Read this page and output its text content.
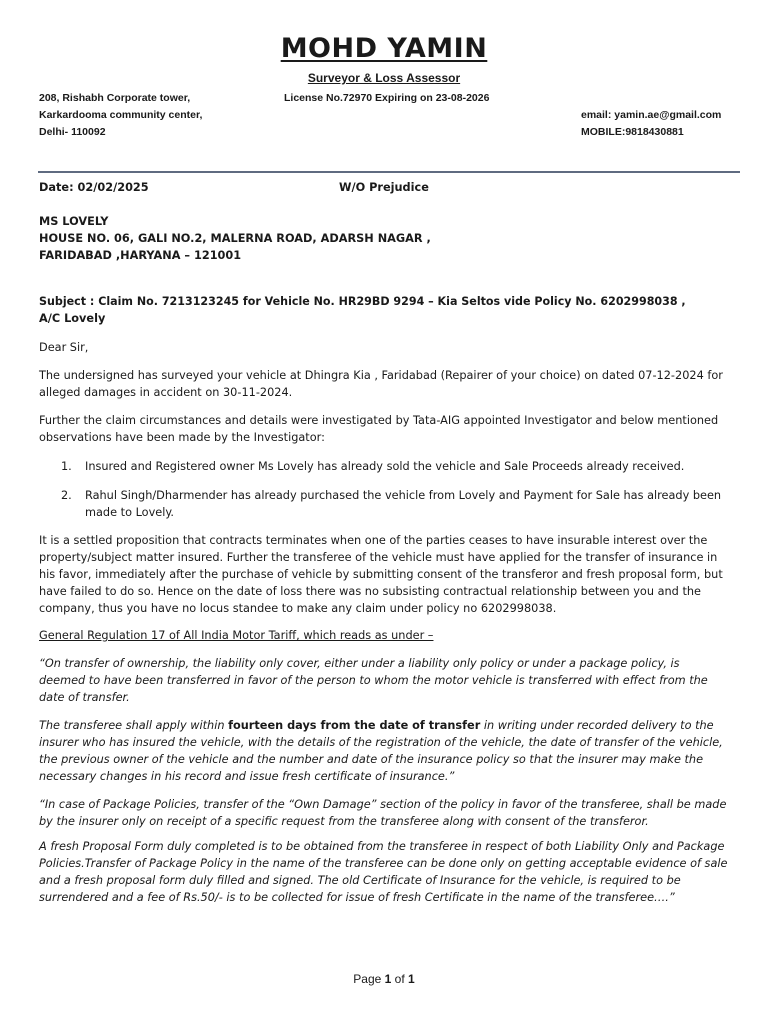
MOHD YAMIN
Surveyor & Loss Assessor
208, Rishabh Corporate tower,
Karkardooma community center,
Delhi- 110092
License No.72970 Expiring on 23-08-2026
email: yamin.ae@gmail.com
MOBILE:9818430881
Date: 02/02/2025	W/O Prejudice
MS LOVELY
HOUSE NO. 06, GALI NO.2, MALERNA ROAD, ADARSH NAGAR ,
FARIDABAD ,HARYANA – 121001
Subject : Claim No. 7213123245 for Vehicle No. HR29BD 9294 – Kia Seltos vide Policy No. 6202998038 ,
A/C Lovely
Dear Sir,
The undersigned has surveyed your vehicle at Dhingra Kia , Faridabad (Repairer of your choice) on dated 07-12-2024 for alleged damages in accident on 30-11-2024.
Further the claim circumstances and details were investigated by Tata-AIG appointed Investigator and below mentioned observations have been made by the Investigator:
1. Insured and Registered owner Ms Lovely has already sold the vehicle and Sale Proceeds already received.
2. Rahul Singh/Dharmender has already purchased the vehicle from Lovely and Payment for Sale has already been made to Lovely.
It is a settled proposition that contracts terminates when one of the parties ceases to have insurable interest over the property/subject matter insured. Further the transferee of the vehicle must have applied for the transfer of insurance in his favor, immediately after the purchase of vehicle by submitting consent of the transferor and fresh proposal form, but have failed to do so. Hence on the date of loss there was no subsisting contractual relationship between you and the company, thus you have no locus standee to make any claim under policy no 6202998038.
General Regulation 17 of All India Motor Tariff, which reads as under –
“On transfer of ownership, the liability only cover, either under a liability only policy or under a package policy, is deemed to have been transferred in favor of the person to whom the motor vehicle is transferred with effect from the date of transfer.
The transferee shall apply within fourteen days from the date of transfer in writing under recorded delivery to the insurer who has insured the vehicle, with the details of the registration of the vehicle, the date of transfer of the vehicle, the previous owner of the vehicle and the number and date of the insurance policy so that the insurer may make the necessary changes in his record and issue fresh certificate of insurance.”
“In case of Package Policies, transfer of the “Own Damage” section of the policy in favor of the transferee, shall be made by the insurer only on receipt of a specific request from the transferee along with consent of the transferor.
A fresh Proposal Form duly completed is to be obtained from the transferee in respect of both Liability Only and Package Policies.Transfer of Package Policy in the name of the transferee can be done only on getting acceptable evidence of sale and a fresh proposal form duly filled and signed. The old Certificate of Insurance for the vehicle, is required to be surrendered and a fee of Rs.50/- is to be collected for issue of fresh Certificate in the name of the transferee….”
Page 1 of 1
